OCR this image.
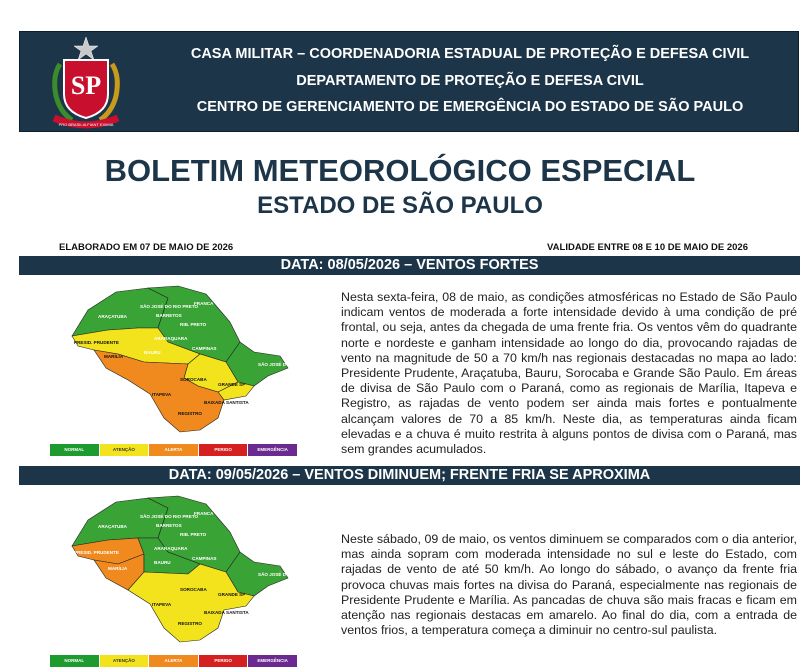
SP
PRO BRASILIA FIANT EXIMIA
CASA MILITAR – COORDENADORIA ESTADUAL DE PROTEÇÃO E DEFESA CIVIL
DEPARTAMENTO DE PROTEÇÃO E DEFESA CIVIL
CENTRO DE GERENCIAMENTO DE EMERGÊNCIA DO ESTADO DE SÃO PAULO
BOLETIM METEOROLÓGICO ESPECIAL
ESTADO DE SÃO PAULO
ELABORADO EM 07 DE MAIO DE 2026	VALIDADE ENTRE 08 E 10 DE MAIO DE 2026
DATA: 08/05/2026 – VENTOS FORTES
SÃO JOSÉ DO RIO PRETO
FRANCA
ARAÇATUBA
RIB. PRETO
BARRETOS
ARARAQUARA
PRESID. PRUDENTE
BAURU
CAMPINAS
MARÍLIA
SÃO JOSÉ DOS CAMPOS
SOROCABA
GRANDE SP
ITAPEVA
BAIXADA SANTISTA
REGISTRO
NORMAL	ATENÇÃO	ALERTA	PERIGO	EMERGÊNCIA

Nesta sexta-feira, 08 de maio, as condições atmosféricas no Estado de São Paulo indicam ventos de moderada a forte intensidade devido à uma condição de pré frontal, ou seja, antes da chegada de uma frente fria. Os ventos vêm do quadrante norte e nordeste e ganham intensidade ao longo do dia, provocando rajadas de vento na magnitude de 50 a 70 km/h nas regionais destacadas no mapa ao lado: Presidente Prudente, Araçatuba, Bauru, Sorocaba e Grande São Paulo. Em áreas de divisa de São Paulo com o Paraná, como as regionais de Marília, Itapeva e Registro, as rajadas de vento podem ser ainda mais fortes e pontualmente alcançam valores de 70 a 85 km/h. Neste dia, as temperaturas ainda ficam elevadas e a chuva é muito restrita à alguns pontos de divisa com o Paraná, mas sem grandes acumulados.

DATA: 09/05/2026 – VENTOS DIMINUEM; FRENTE FRIA SE APROXIMA
SÃO JOSÉ DO RIO PRETO
FRANCA
ARAÇATUBA
RIB. PRETO
BARRETOS
ARARAQUARA
PRESID. PRUDENTE
BAURU
CAMPINAS
MARÍLIA
SÃO JOSÉ DOS CAMPOS
SOROCABA
GRANDE SP
ITAPEVA
BAIXADA SANTISTA
REGISTRO
NORMAL	ATENÇÃO	ALERTA	PERIGO	EMERGÊNCIA

Neste sábado, 09 de maio, os ventos diminuem se comparados com o dia anterior, mas ainda sopram com moderada intensidade no sul e leste do Estado, com rajadas de vento de até 50 km/h. Ao longo do sábado, o avanço da frente fria provoca chuvas mais fortes na divisa do Paraná, especialmente nas regionais de Presidente Prudente e Marília. As pancadas de chuva são mais fracas e ficam em atenção nas regionais destacas em amarelo. Ao final do dia, com a entrada de ventos frios, a temperatura começa a diminuir no centro-sul paulista.
